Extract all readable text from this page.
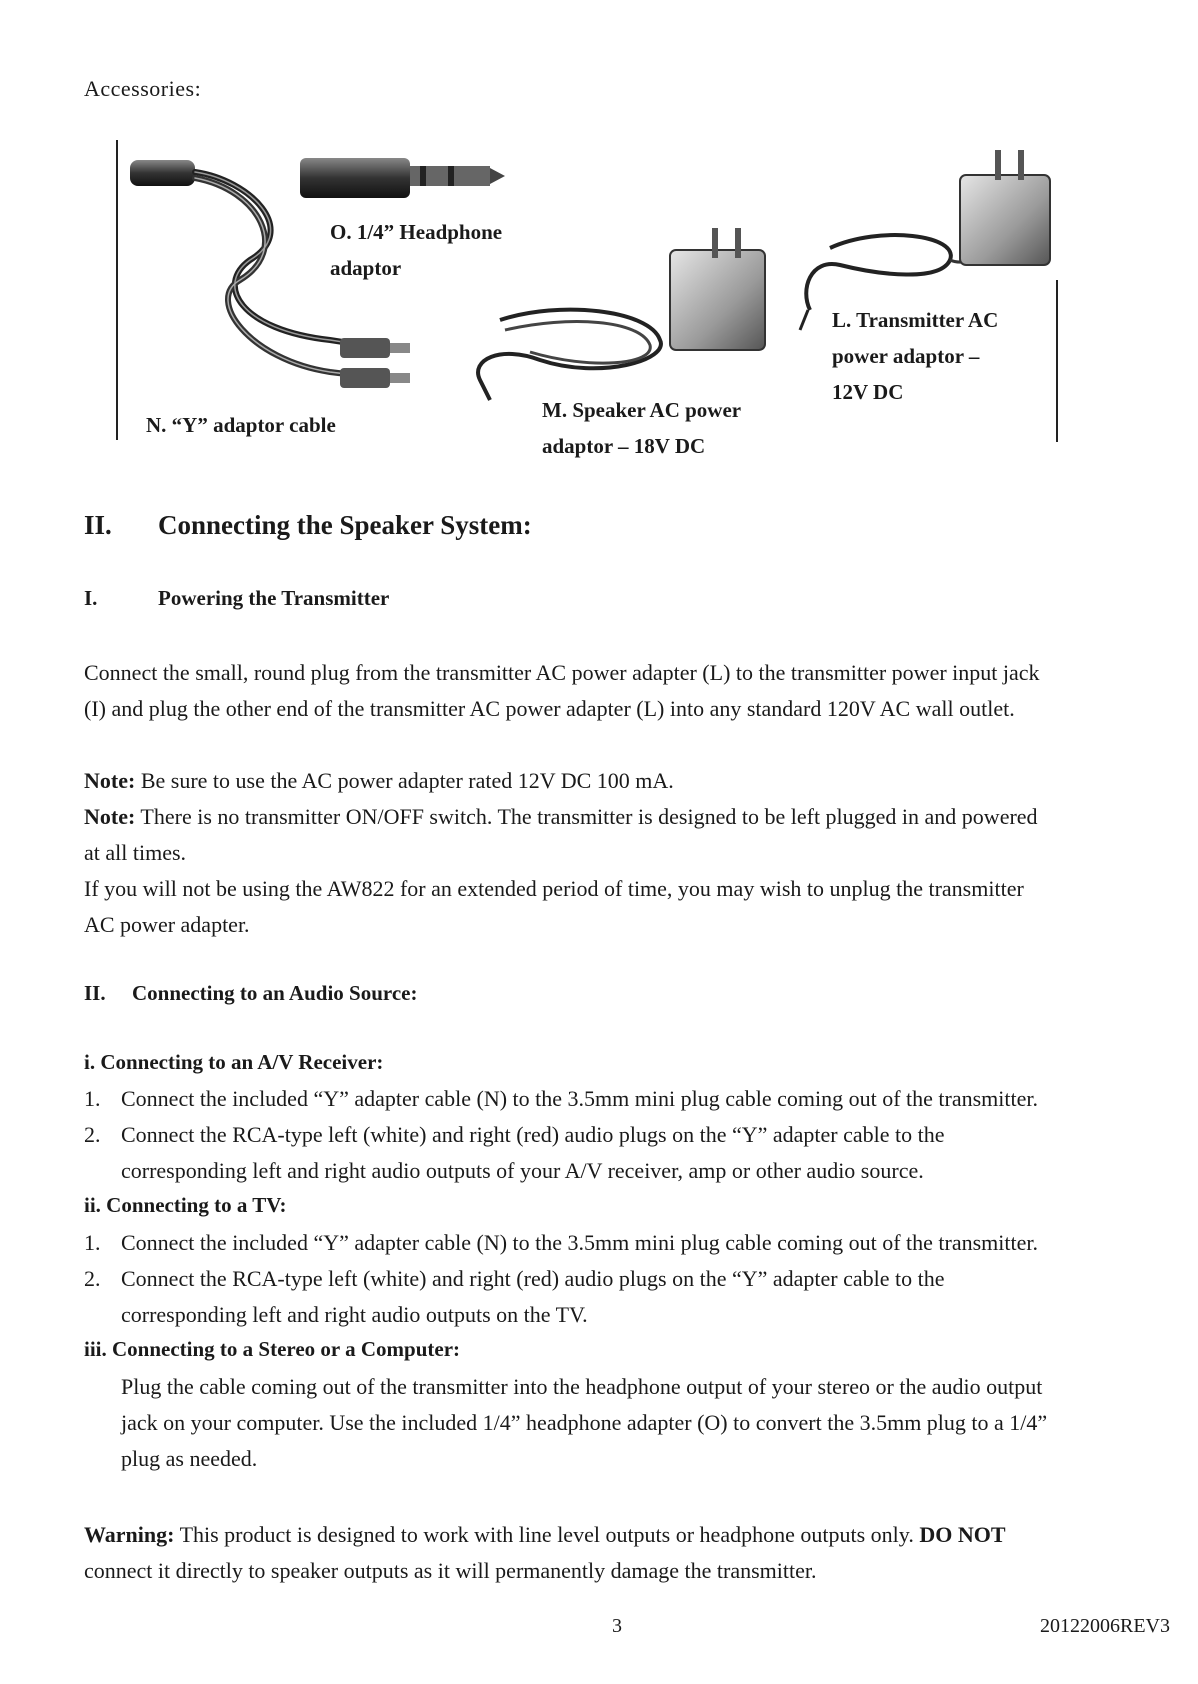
Accessories:
O. 1/4” Headphone
adaptor
N. “Y” adaptor cable
M. Speaker AC power
adaptor – 18V DC
L. Transmitter AC
power adaptor –
12V DC
II. Connecting the Speaker System:
I.	Powering the Transmitter
Connect the small, round plug from the transmitter AC power adapter (L) to the transmitter power input jack
(I) and plug the other end of the transmitter AC power adapter (L) into any standard 120V AC wall outlet.
Note: Be sure to use the AC power adapter rated 12V DC 100 mA.
Note: There is no transmitter ON/OFF switch. The transmitter is designed to be left plugged in and powered
at all times.
If you will not be using the AW822 for an extended period of time, you may wish to unplug the transmitter
AC power adapter.
II. Connecting to an Audio Source:
i. Connecting to an A/V Receiver:
1. Connect the included “Y” adapter cable (N) to the 3.5mm mini plug cable coming out of the transmitter.
2. Connect the RCA-type left (white) and right (red) audio plugs on the “Y” adapter cable to the
corresponding left and right audio outputs of your A/V receiver, amp or other audio source.
ii. Connecting to a TV:
1. Connect the included “Y” adapter cable (N) to the 3.5mm mini plug cable coming out of the transmitter.
2. Connect the RCA-type left (white) and right (red) audio plugs on the “Y” adapter cable to the
corresponding left and right audio outputs on the TV.
iii. Connecting to a Stereo or a Computer:
Plug the cable coming out of the transmitter into the headphone output of your stereo or the audio output
jack on your computer. Use the included 1/4” headphone adapter (O) to convert the 3.5mm plug to a 1/4”
plug as needed.
Warning: This product is designed to work with line level outputs or headphone outputs only. DO NOT
connect it directly to speaker outputs as it will permanently damage the transmitter.
3	20122006REV3
